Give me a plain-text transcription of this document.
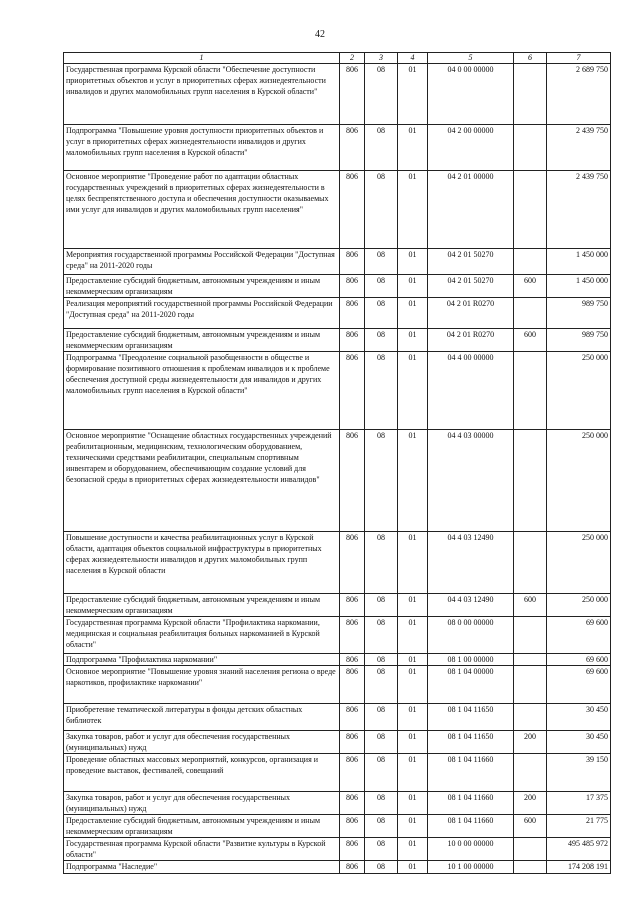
42
1	2	3	4	5	6	7
Государственная программа Курской области "Обеспечение доступности приоритетных объектов и услуг в приоритетных сферах жизнедеятельности инвалидов и других маломобильных групп населения в Курской области"	806	08	01	04 0 00 00000		2 689 750
Подпрограмма "Повышение уровня доступности приоритетных объектов и услуг в приоритетных сферах жизнедеятельности инвалидов и других маломобильных групп населения в Курской области"	806	08	01	04 2 00 00000		2 439 750
Основное мероприятие "Проведение работ по адаптации областных государственных учреждений в приоритетных сферах жизнедеятельности в целях беспрепятственного доступа и обеспечения доступности оказываемых ими услуг для инвалидов и других маломобильных групп населения"	806	08	01	04 2 01 00000		2 439 750
Мероприятия государственной программы Российской Федерации "Доступная среда" на 2011-2020 годы	806	08	01	04 2 01 50270		1 450 000
Предоставление субсидий бюджетным, автономным учреждениям и иным некоммерческим организациям	806	08	01	04 2 01 50270	600	1 450 000
Реализация мероприятий государственной программы Российской Федерации "Доступная среда" на 2011-2020 годы	806	08	01	04 2 01 R0270		989 750
Предоставление субсидий бюджетным, автономным учреждениям и иным некоммерческим организациям	806	08	01	04 2 01 R0270	600	989 750
Подпрограмма "Преодоление социальной разобщенности в обществе и формирование позитивного отношения к проблемам инвалидов и к проблеме обеспечения доступной среды жизнедеятельности для инвалидов и других маломобильных групп населения в Курской области"	806	08	01	04 4 00 00000		250 000
Основное мероприятие "Оснащение областных государственных учреждений реабилитационным, медицинским, технологическим оборудованием, техническими средствами реабилитации, специальным спортивным инвентарем и оборудованием, обеспечивающим создание условий для безопасной среды в приоритетных сферах жизнедеятельности инвалидов"	806	08	01	04 4 03 00000		250 000
Повышение доступности и качества реабилитационных услуг в Курской области, адаптация объектов социальной инфраструктуры в приоритетных сферах жизнедеятельности инвалидов и других маломобильных групп населения в Курской области	806	08	01	04 4 03 12490		250 000
Предоставление субсидий бюджетным, автономным учреждениям и иным некоммерческим организациям	806	08	01	04 4 03 12490	600	250 000
Государственная программа Курской области "Профилактика наркомании, медицинская и социальная реабилитация больных наркоманией в Курской области"	806	08	01	08 0 00 00000		69 600
Подпрограмма "Профилактика наркомании"	806	08	01	08 1 00 00000		69 600
Основное мероприятие "Повышение уровня знаний населения региона о вреде наркотиков, профилактике наркомании"	806	08	01	08 1 04 00000		69 600
Приобретение тематической литературы в фонды детских областных библиотек	806	08	01	08 1 04 11650		30 450
Закупка товаров, работ и услуг для обеспечения государственных (муниципальных) нужд	806	08	01	08 1 04 11650	200	30 450
Проведение областных массовых мероприятий, конкурсов, организация и проведение выставок, фестивалей, совещаний	806	08	01	08 1 04 11660		39 150
Закупка товаров, работ и услуг для обеспечения государственных (муниципальных) нужд	806	08	01	08 1 04 11660	200	17 375
Предоставление субсидий бюджетным, автономным учреждениям и иным некоммерческим организациям	806	08	01	08 1 04 11660	600	21 775
Государственная программа Курской области "Развитие культуры в Курской области"	806	08	01	10 0 00 00000		495 485 972
Подпрограмма "Наследие"	806	08	01	10 1 00 00000		174 208 191
